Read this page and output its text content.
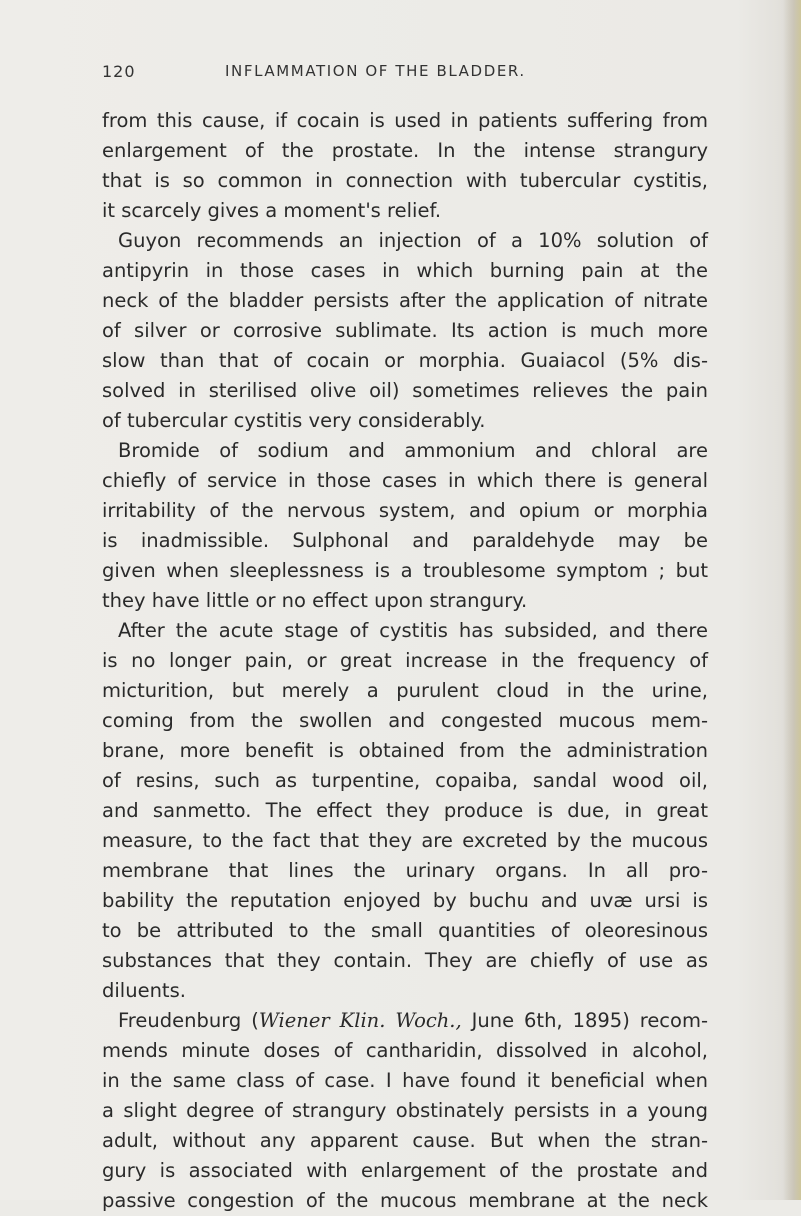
120	INFLAMMATION OF THE BLADDER.
from this cause, if cocain is used in patients suffering from
enlargement of the prostate. In the intense strangury
that is so common in connection with tubercular cystitis,
it scarcely gives a moment's relief.
Guyon recommends an injection of a 10% solution of
antipyrin in those cases in which burning pain at the
neck of the bladder persists after the application of nitrate
of silver or corrosive sublimate. Its action is much more
slow than that of cocain or morphia. Guaiacol (5% dis-
solved in sterilised olive oil) sometimes relieves the pain
of tubercular cystitis very considerably.
Bromide of sodium and ammonium and chloral are
chiefly of service in those cases in which there is general
irritability of the nervous system, and opium or morphia
is inadmissible. Sulphonal and paraldehyde may be
given when sleeplessness is a troublesome symptom ; but
they have little or no effect upon strangury.
After the acute stage of cystitis has subsided, and there
is no longer pain, or great increase in the frequency of
micturition, but merely a purulent cloud in the urine,
coming from the swollen and congested mucous mem-
brane, more benefit is obtained from the administration
of resins, such as turpentine, copaiba, sandal wood oil,
and sanmetto. The effect they produce is due, in great
measure, to the fact that they are excreted by the mucous
membrane that lines the urinary organs. In all pro-
bability the reputation enjoyed by buchu and uvæ ursi is
to be attributed to the small quantities of oleoresinous
substances that they contain. They are chiefly of use as
diluents.
Freudenburg (Wiener Klin. Woch., June 6th, 1895) recom-
mends minute doses of cantharidin, dissolved in alcohol,
in the same class of case. I have found it beneficial when
a slight degree of strangury obstinately persists in a young
adult, without any apparent cause. But when the stran-
gury is associated with enlargement of the prostate and
passive congestion of the mucous membrane at the neck
